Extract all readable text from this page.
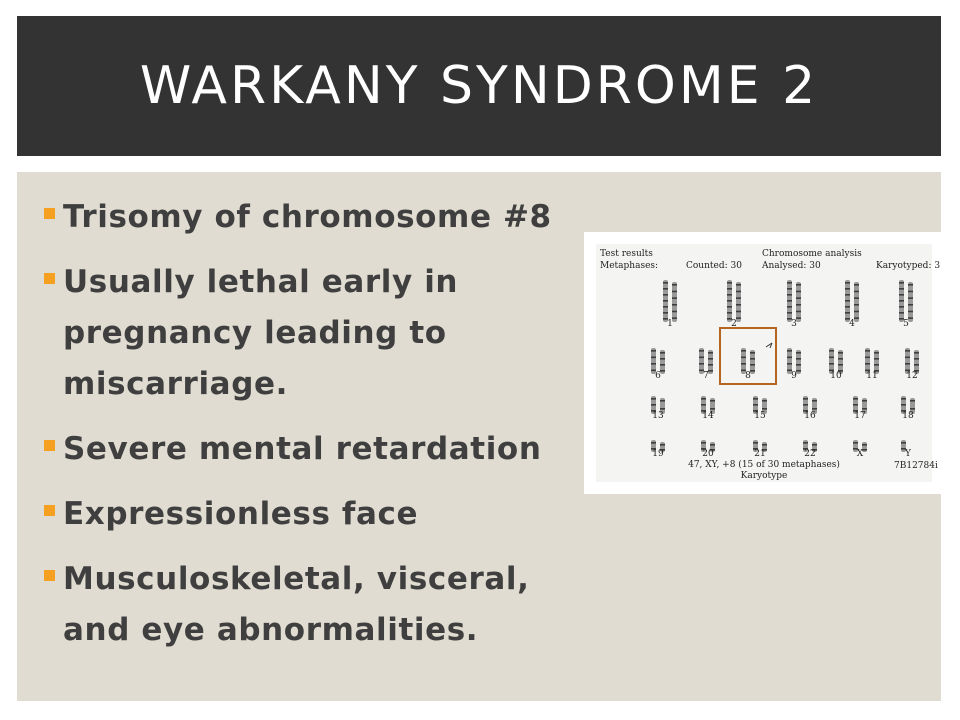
WARKANY SYNDROME 2
Trisomy of chromosome #8
Usually lethal early in
pregnancy leading to
miscarriage.
Severe mental retardation
Expressionless face
Musculoskeletal, visceral,
and eye abnormalities.
Test results
Metaphases:
Chromosome analysis
Counted: 30 Analysed: 30	Karyotyped: 3
1	2	3	4	5
6	7	8	9	10	11	12
13	14	15	16	17	18
19	20	21	22	X	Y
47, XY, +8 (15 of 30 metaphases)
Karyotype
7B12784i
